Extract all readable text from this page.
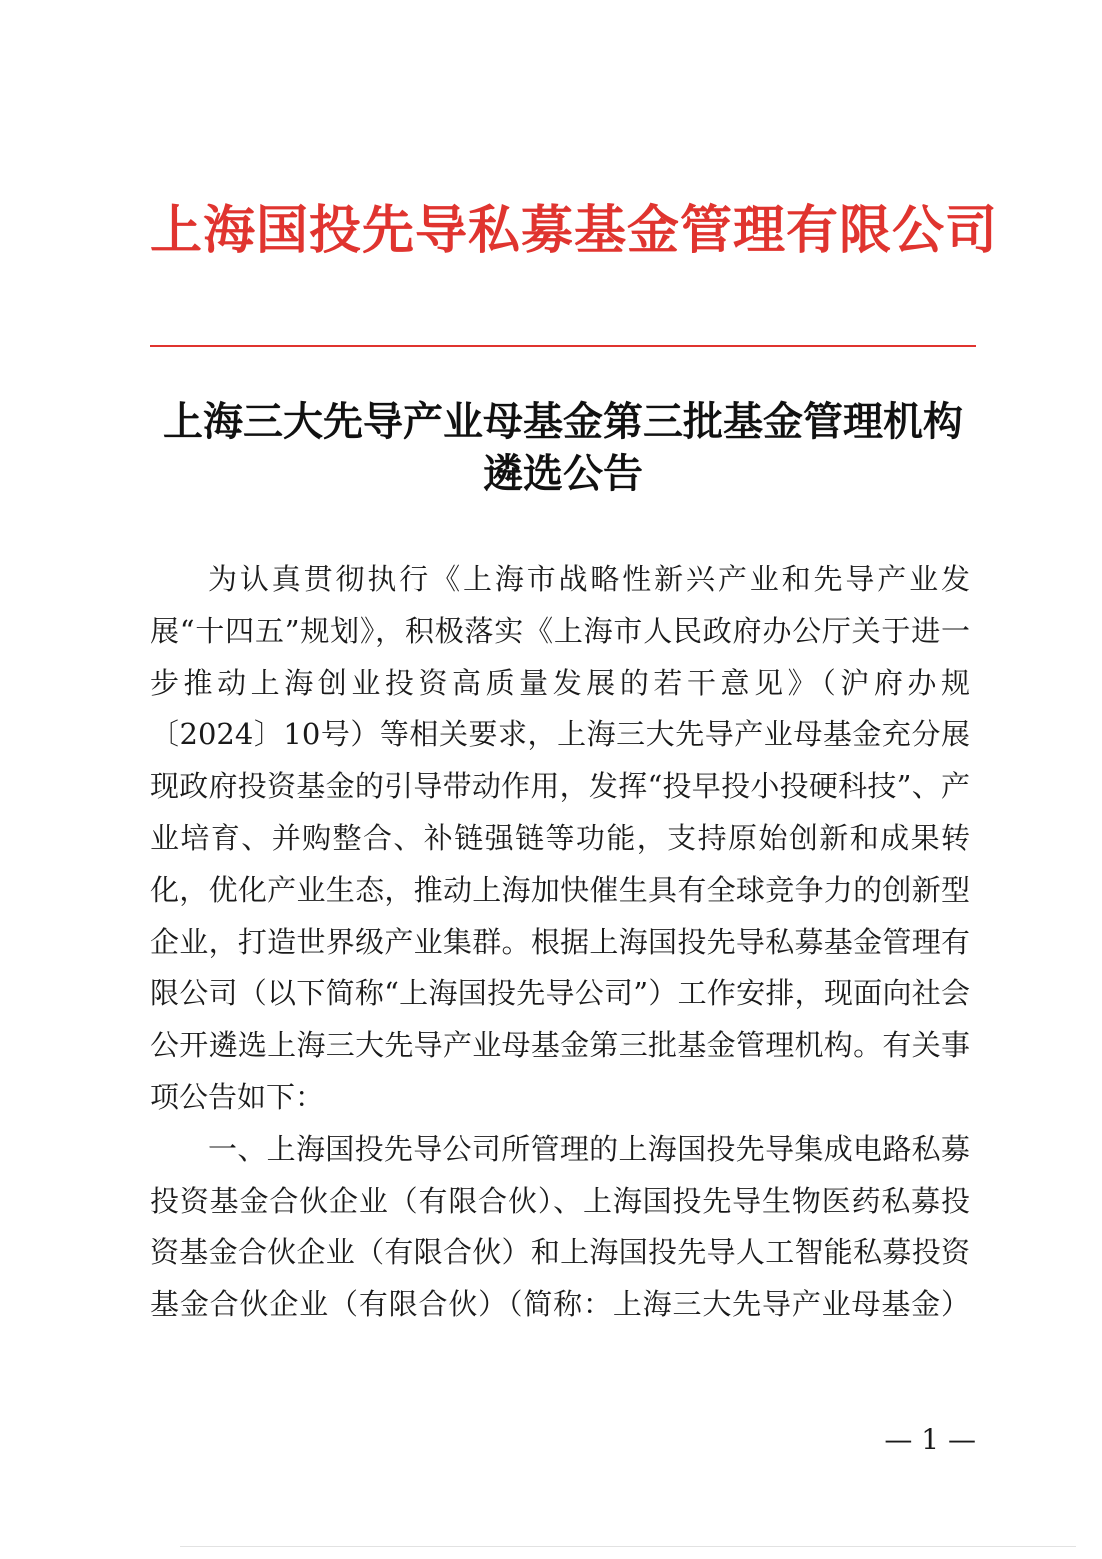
上海国投先导私募基金管理有限公司
上海三大先导产业母基金第三批基金管理机构
遴选公告

为认真贯彻执行《上海市战略性新兴产业和先导产业发展“十四五”规划》，积极落实《上海市人民政府办公厅关于进一步推动上海创业投资高质量发展的若干意见》（沪府办规〔2024〕10号）等相关要求，上海三大先导产业母基金充分展现政府投资基金的引导带动作用，发挥“投早投小投硬科技”、产业培育、并购整合、补链强链等功能，支持原始创新和成果转化，优化产业生态，推动上海加快催生具有全球竞争力的创新型企业，打造世界级产业集群。根据上海国投先导私募基金管理有限公司（以下简称“上海国投先导公司”）工作安排，现面向社会公开遴选上海三大先导产业母基金第三批基金管理机构。有关事项公告如下：

一、上海国投先导公司所管理的上海国投先导集成电路私募投资基金合伙企业（有限合伙）、上海国投先导生物医药私募投资基金合伙企业（有限合伙）和上海国投先导人工智能私募投资基金合伙企业（有限合伙）（简称：上海三大先导产业母基金）

— 1 —
